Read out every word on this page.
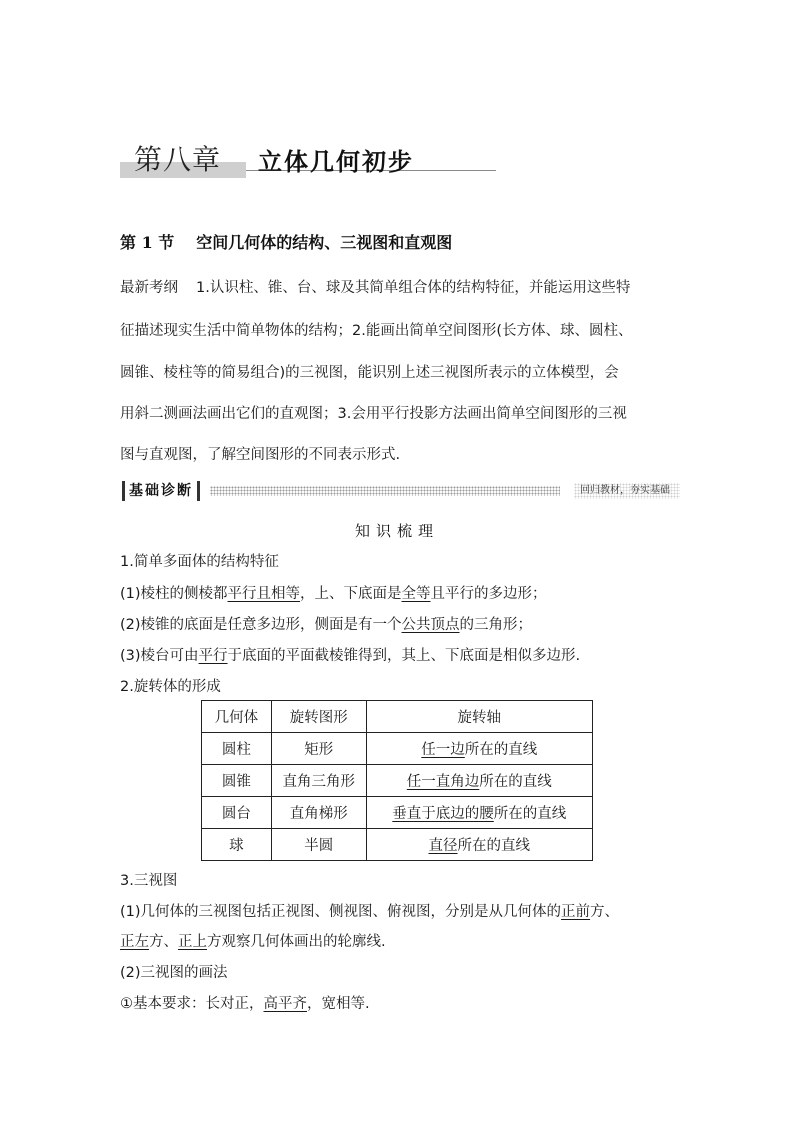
第八章 立体几何初步
第 1 节 空间几何体的结构、三视图和直观图
最新考纲 1.认识柱、锥、台、球及其简单组合体的结构特征，并能运用这些特
征描述现实生活中简单物体的结构；2.能画出简单空间图形(长方体、球、圆柱、
圆锥、棱柱等的简易组合)的三视图，能识别上述三视图所表示的立体模型，会
用斜二测画法画出它们的直观图；3.会用平行投影方法画出简单空间图形的三视
图与直观图，了解空间图形的不同表示形式.
基础诊断	回归教材，夯实基础
知识梳理
1.简单多面体的结构特征
(1)棱柱的侧棱都平行且相等，上、下底面是全等且平行的多边形；
(2)棱锥的底面是任意多边形，侧面是有一个公共顶点的三角形；
(3)棱台可由平行于底面的平面截棱锥得到，其上、下底面是相似多边形.
2.旋转体的形成
几何体	旋转图形	旋转轴
圆柱	矩形	任一边所在的直线
圆锥	直角三角形	任一直角边所在的直线
圆台	直角梯形	垂直于底边的腰所在的直线
球	半圆	直径所在的直线
3.三视图
(1)几何体的三视图包括正视图、侧视图、俯视图，分别是从几何体的正前方、
正左方、正上方观察几何体画出的轮廓线.
(2)三视图的画法
①基本要求：长对正，高平齐，宽相等.
